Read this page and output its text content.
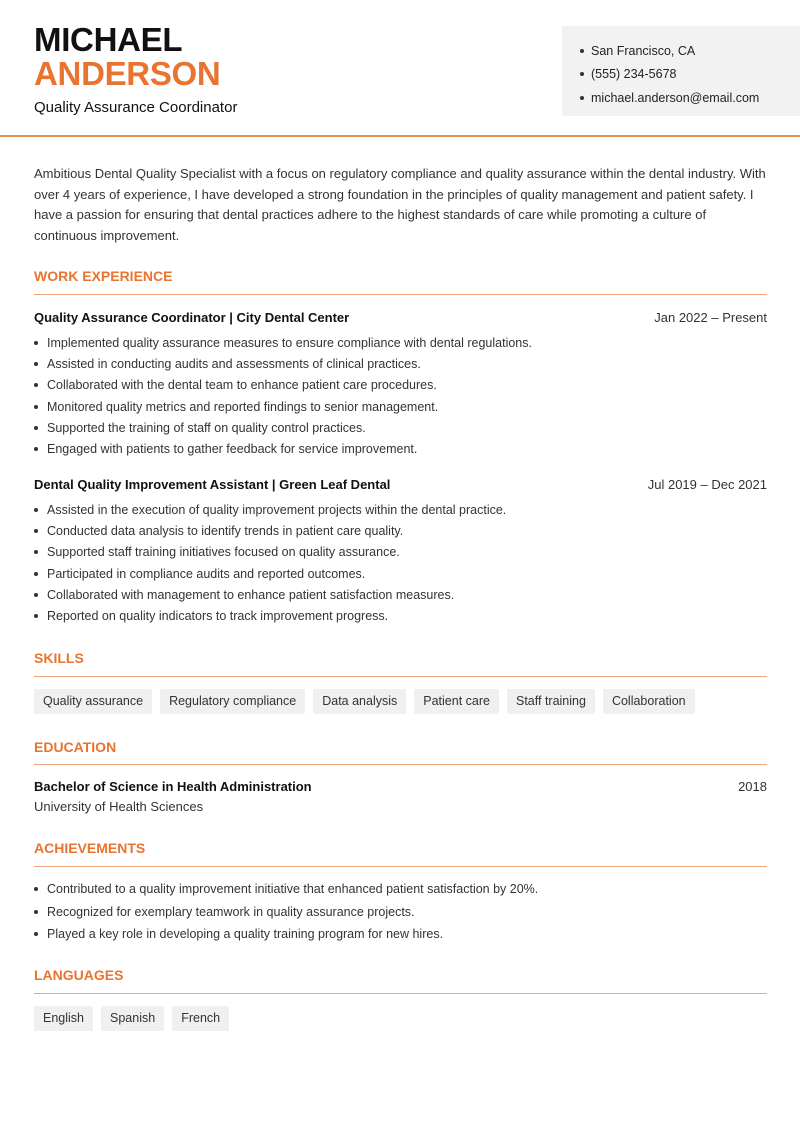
MICHAEL
ANDERSON
Quality Assurance Coordinator
San Francisco, CA
(555) 234-5678
michael.anderson@email.com
Ambitious Dental Quality Specialist with a focus on regulatory compliance and quality assurance within the dental industry. With over 4 years of experience, I have developed a strong foundation in the principles of quality management and patient safety. I have a passion for ensuring that dental practices adhere to the highest standards of care while promoting a culture of continuous improvement.
WORK EXPERIENCE
Quality Assurance Coordinator | City Dental Center	Jan 2022 – Present
Implemented quality assurance measures to ensure compliance with dental regulations.
Assisted in conducting audits and assessments of clinical practices.
Collaborated with the dental team to enhance patient care procedures.
Monitored quality metrics and reported findings to senior management.
Supported the training of staff on quality control practices.
Engaged with patients to gather feedback for service improvement.
Dental Quality Improvement Assistant | Green Leaf Dental	Jul 2019 – Dec 2021
Assisted in the execution of quality improvement projects within the dental practice.
Conducted data analysis to identify trends in patient care quality.
Supported staff training initiatives focused on quality assurance.
Participated in compliance audits and reported outcomes.
Collaborated with management to enhance patient satisfaction measures.
Reported on quality indicators to track improvement progress.
SKILLS
Quality assurance	Regulatory compliance	Data analysis	Patient care	Staff training	Collaboration
EDUCATION
Bachelor of Science in Health Administration	2018
University of Health Sciences
ACHIEVEMENTS
Contributed to a quality improvement initiative that enhanced patient satisfaction by 20%.
Recognized for exemplary teamwork in quality assurance projects.
Played a key role in developing a quality training program for new hires.
LANGUAGES
English	Spanish	French
